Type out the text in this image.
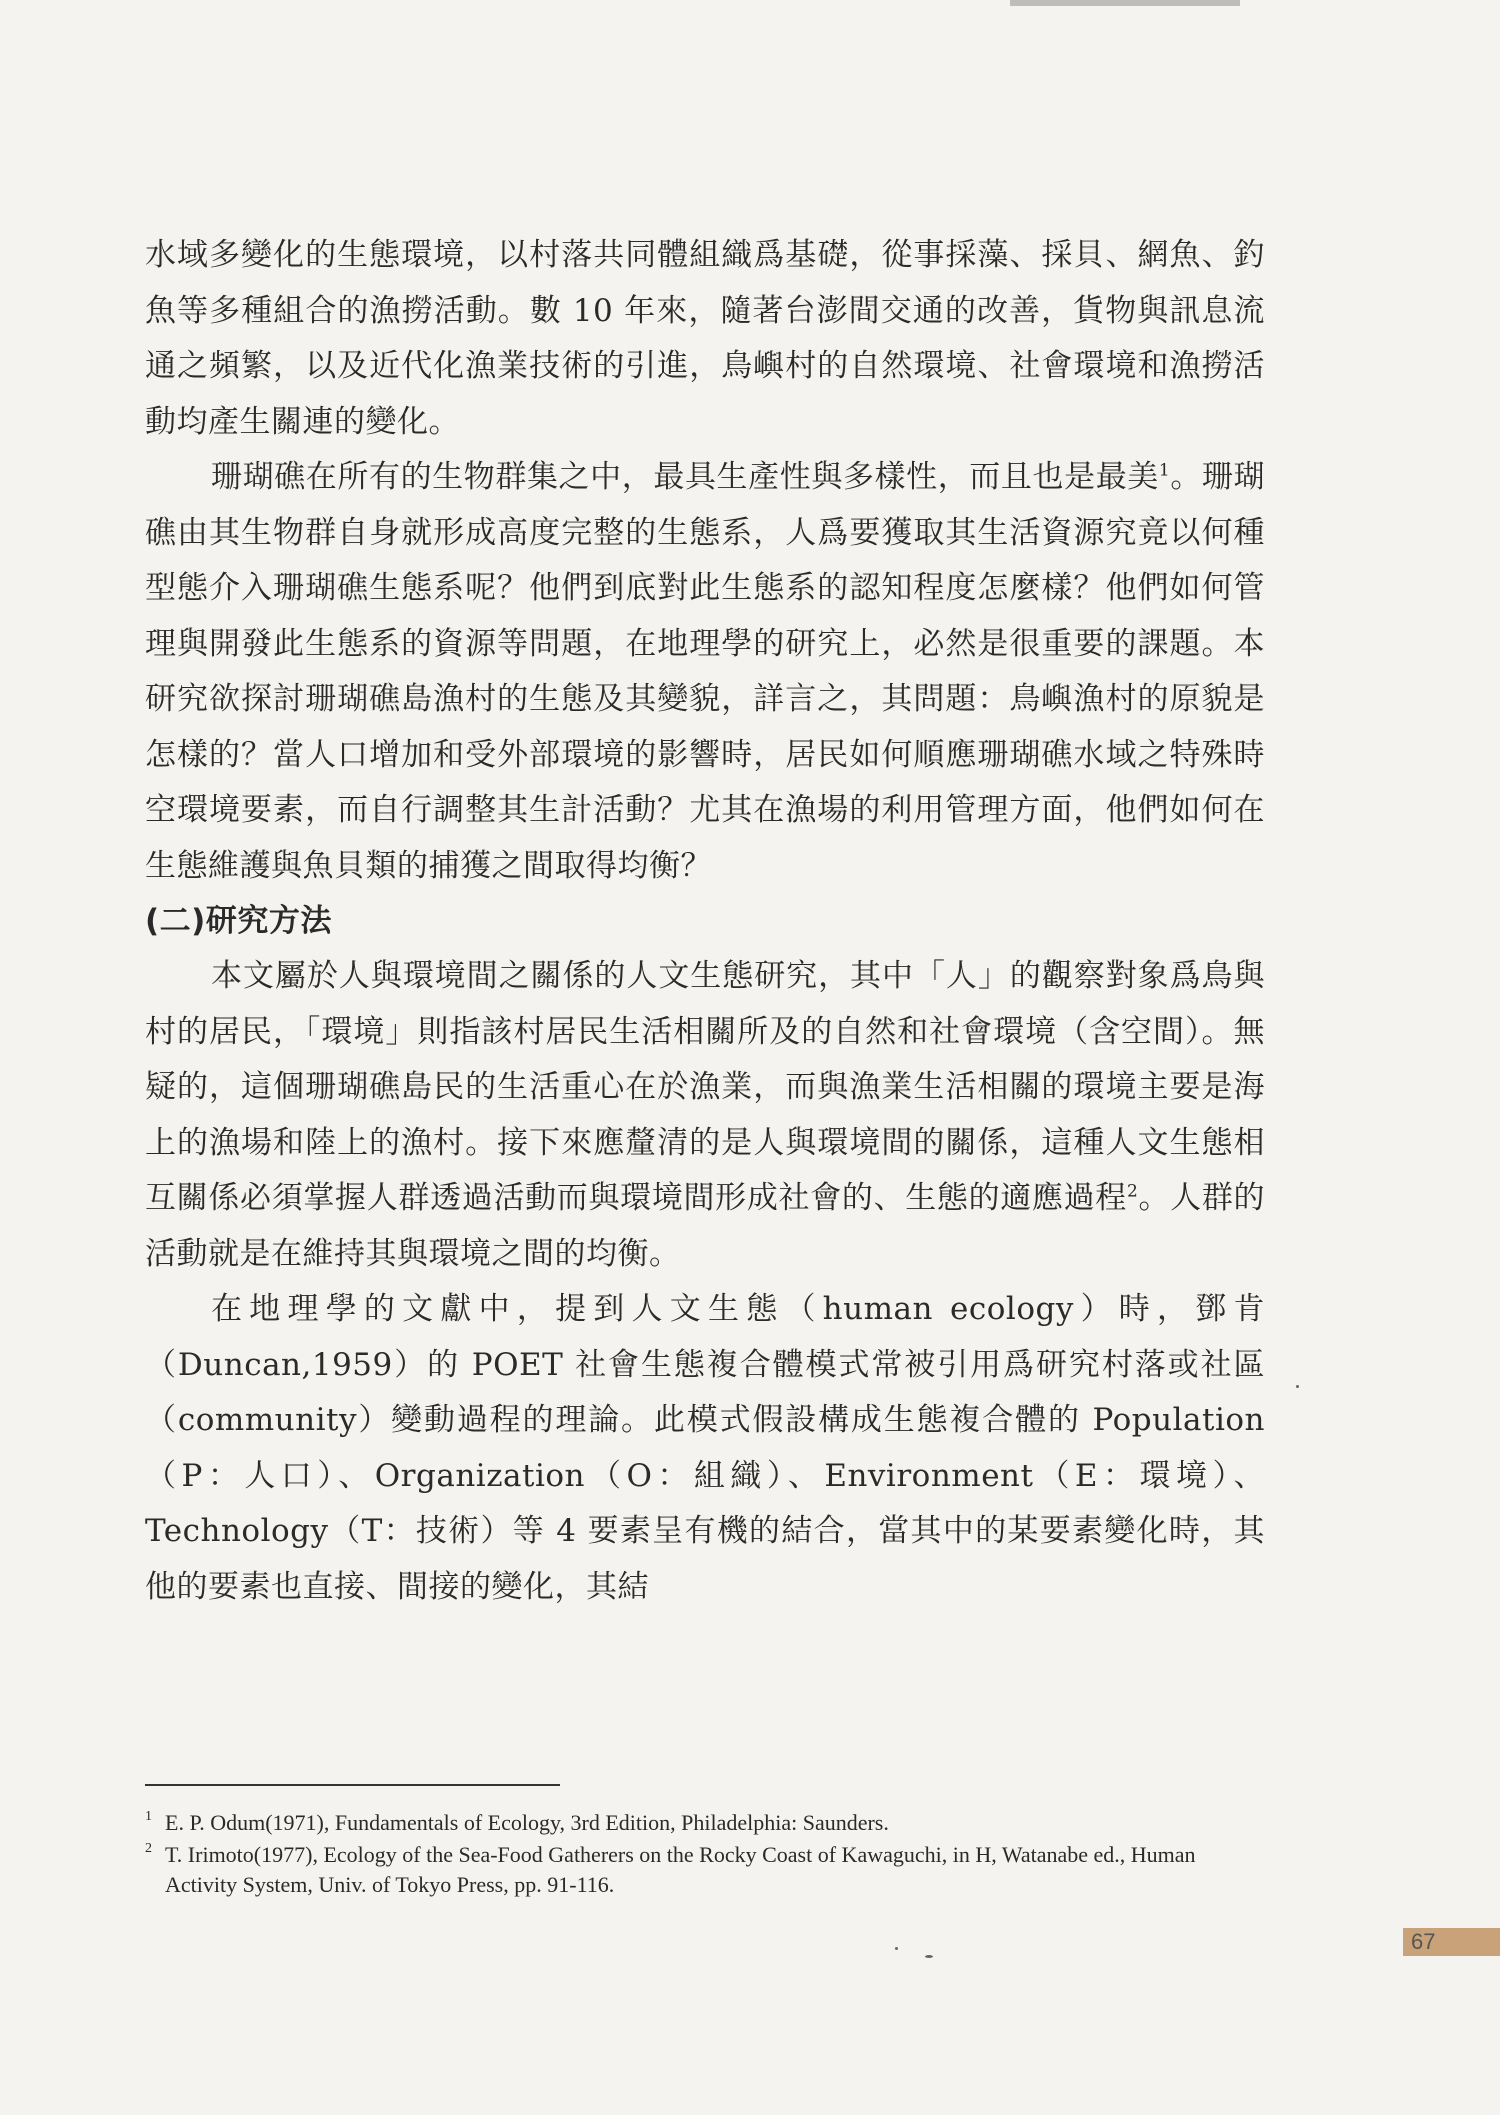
水域多變化的生態環境，以村落共同體組織爲基礎，從事採藻、採貝、網魚、釣魚等多種組合的漁撈活動。數 10 年來，隨著台澎間交通的改善，貨物與訊息流通之頻繁，以及近代化漁業技術的引進，鳥嶼村的自然環境、社會環境和漁撈活動均產生關連的變化。

珊瑚礁在所有的生物群集之中，最具生產性與多樣性，而且也是最美$^1$。珊瑚礁由其生物群自身就形成高度完整的生態系，人爲要獲取其生活資源究竟以何種型態介入珊瑚礁生態系呢？他們到底對此生態系的認知程度怎麼樣？他們如何管理與開發此生態系的資源等問題，在地理學的研究上，必然是很重要的課題。本研究欲探討珊瑚礁島漁村的生態及其變貌，詳言之，其問題：鳥嶼漁村的原貌是怎樣的？當人口增加和受外部環境的影響時，居民如何順應珊瑚礁水域之特殊時空環境要素，而自行調整其生計活動？尤其在漁場的利用管理方面，他們如何在生態維護與魚貝類的捕獲之間取得均衡？

(二)研究方法

本文屬於人與環境間之關係的人文生態研究，其中「人」的觀察對象爲鳥與村的居民，「環境」則指該村居民生活相關所及的自然和社會環境（含空間）。無疑的，這個珊瑚礁島民的生活重心在於漁業，而與漁業生活相關的環境主要是海上的漁場和陸上的漁村。接下來應釐清的是人與環境間的關係，這種人文生態相互關係必須掌握人群透過活動而與環境間形成社會的、生態的適應過程$^2$。人群的活動就是在維持其與環境之間的均衡。

在地理學的文獻中，提到人文生態（human ecology）時，鄧肯（Duncan,1959）的 POET 社會生態複合體模式常被引用爲研究村落或社區（community）變動過程的理論。此模式假設構成生態複合體的 Population（P：人口）、Organization（O：組織）、Environment（E：環境）、Technology（T：技術）等 4 要素呈有機的結合，當其中的某要素變化時，其他的要素也直接、間接的變化，其結

1 E. P. Odum(1971), Fundamentals of Ecology, 3rd Edition, Philadelphia: Saunders.

2 T. Irimoto(1977), Ecology of the Sea-Food Gatherers on the Rocky Coast of Kawaguchi, in H, Watanabe ed., Human Activity System, Univ. of Tokyo Press, pp. 91-116.

67
